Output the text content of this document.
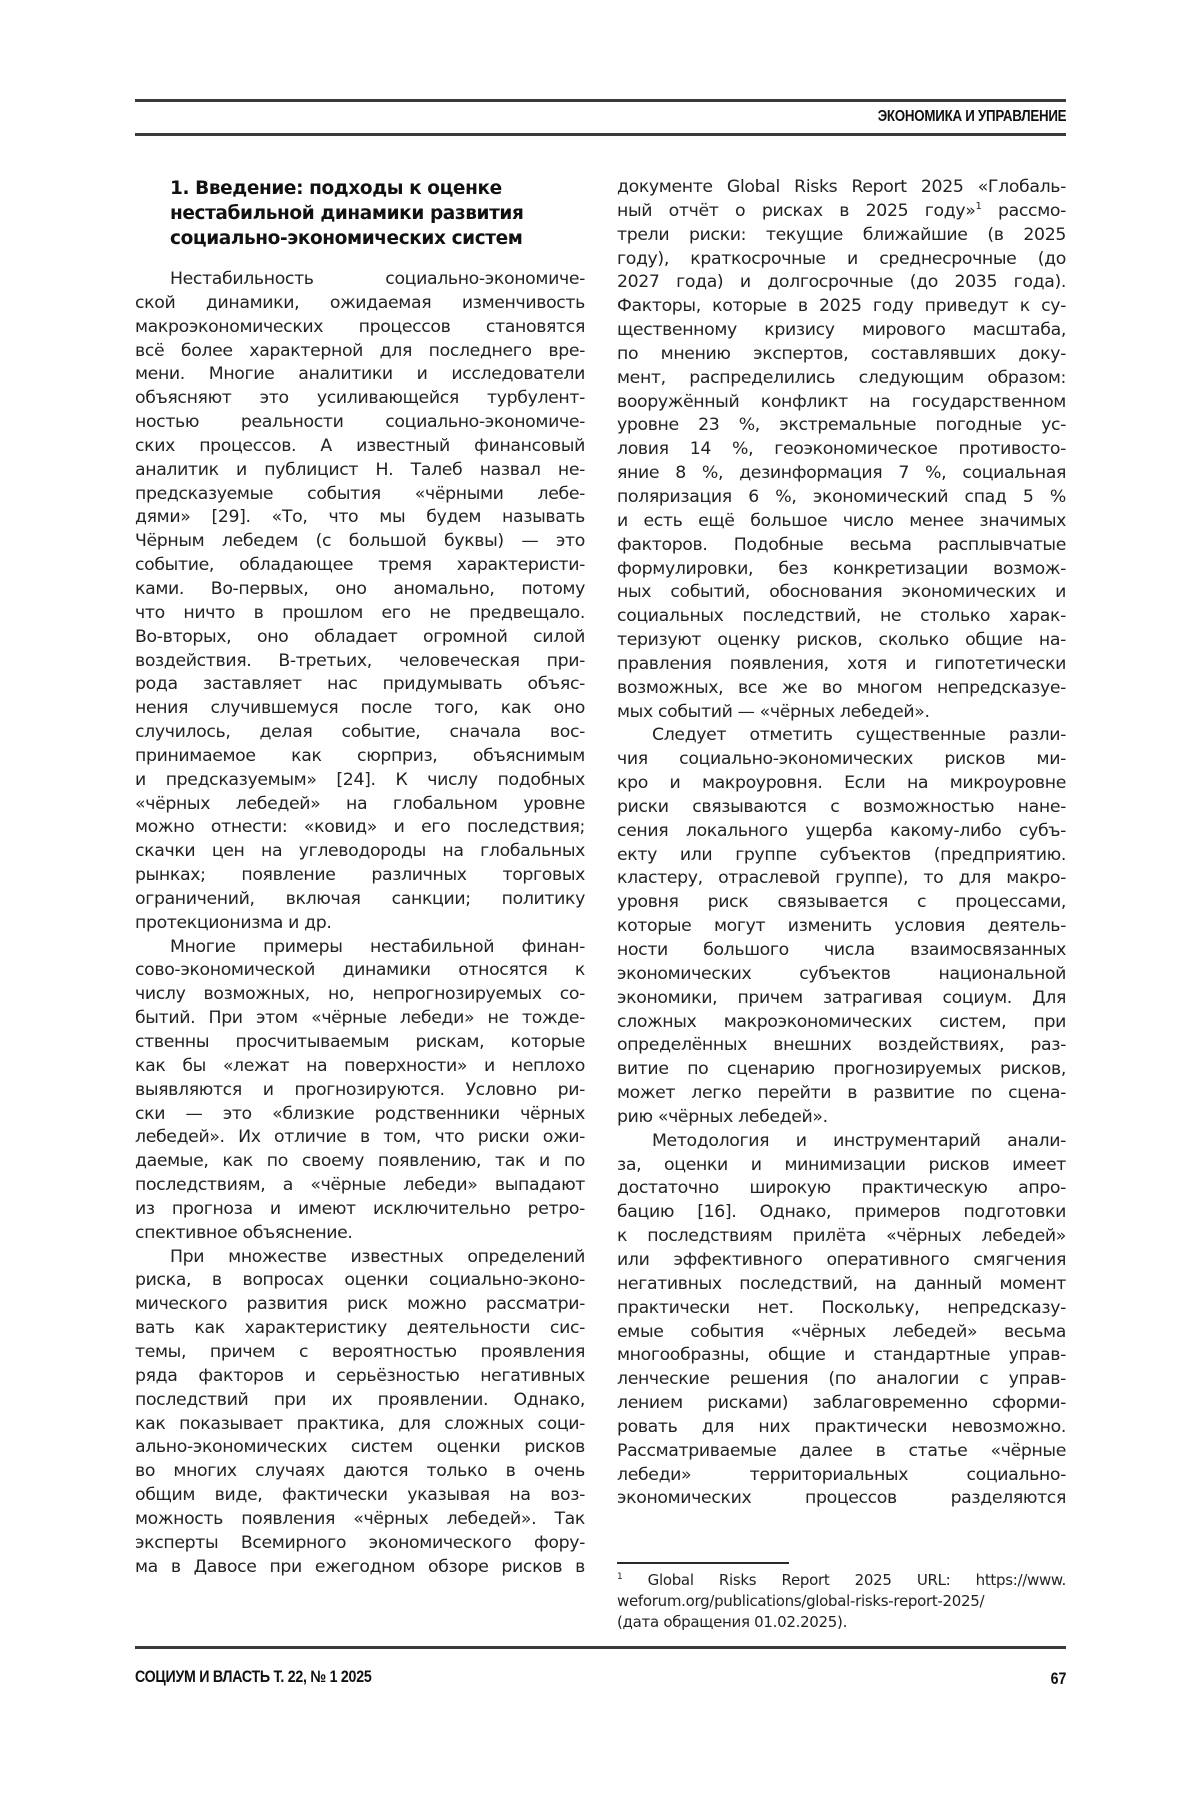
ЭКОНОМИКА И УПРАВЛЕНИЕ
1. Введение: подходы к оценке
нестабильной динамики развития
социально-экономических систем
Нестабильность социально-экономиче-
ской динамики, ожидаемая изменчивость
макроэкономических процессов становятся
всё более характерной для последнего вре-
мени. Многие аналитики и исследователи
объясняют это усиливающейся турбулент-
ностью реальности социально-экономиче-
ских процессов. А известный финансовый
аналитик и публицист Н. Талеб назвал не-
предсказуемые события «чёрными лебе-
дями» [29]. «То, что мы будем называть
Чёрным лебедем (с большой буквы) — это
событие, обладающее тремя характеристи-
ками. Во-первых, оно аномально, потому
что ничто в прошлом его не предвещало.
Во-вторых, оно обладает огромной силой
воздействия. В-третьих, человеческая при-
рода заставляет нас придумывать объяс-
нения случившемуся после того, как оно
случилось, делая событие, сначала вос-
принимаемое как сюрприз, объяснимым
и предсказуемым» [24]. К числу подобных
«чёрных лебедей» на глобальном уровне
можно отнести: «ковид» и его последствия;
скачки цен на углеводороды на глобальных
рынках; появление различных торговых
ограничений, включая санкции; политику
протекционизма и др.
Многие примеры нестабильной финан-
сово-экономической динамики относятся к
числу возможных, но, непрогнозируемых со-
бытий. При этом «чёрные лебеди» не тожде-
ственны просчитываемым рискам, которые
как бы «лежат на поверхности» и неплохо
выявляются и прогнозируются. Условно ри-
ски — это «близкие родственники чёрных
лебедей». Их отличие в том, что риски ожи-
даемые, как по своему появлению, так и по
последствиям, а «чёрные лебеди» выпадают
из прогноза и имеют исключительно ретро-
спективное объяснение.
При множестве известных определений
риска, в вопросах оценки социально-эконо-
мического развития риск можно рассматри-
вать как характеристику деятельности сис-
темы, причем с вероятностью проявления
ряда факторов и серьёзностью негативных
последствий при их проявлении. Однако,
как показывает практика, для сложных соци-
ально-экономических систем оценки рисков
во многих случаях даются только в очень
общим виде, фактически указывая на воз-
можность появления «чёрных лебедей». Так
эксперты Всемирного экономического фору-
ма в Давосе при ежегодном обзоре рисков в
документе Global Risks Report 2025 «Глобаль-
ный отчёт о рисках в 2025 году»$^1$ рассмо-
трели риски: текущие ближайшие (в 2025
году), краткосрочные и среднесрочные (до
2027 года) и долгосрочные (до 2035 года).
Факторы, которые в 2025 году приведут к су-
щественному кризису мирового масштаба,
по мнению экспертов, составлявших доку-
мент, распределились следующим образом:
вооружённый конфликт на государственном
уровне 23 %, экстремальные погодные ус-
ловия 14 %, геоэкономическое противосто-
яние 8 %, дезинформация 7 %, социальная
поляризация 6 %, экономический спад 5 %
и есть ещё большое число менее значимых
факторов. Подобные весьма расплывчатые
формулировки, без конкретизации возмож-
ных событий, обоснования экономических и
социальных последствий, не столько харак-
теризуют оценку рисков, сколько общие на-
правления появления, хотя и гипотетически
возможных, все же во многом непредсказуе-
мых событий — «чёрных лебедей».
Следует отметить существенные разли-
чия социально-экономических рисков ми-
кро и макроуровня. Если на микроуровне
риски связываются с возможностью нане-
сения локального ущерба какому-либо субъ-
екту или группе субъектов (предприятию.
кластеру, отраслевой группе), то для макро-
уровня риск связывается с процессами,
которые могут изменить условия деятель-
ности большого числа взаимосвязанных
экономических субъектов национальной
экономики, причем затрагивая социум. Для
сложных макроэкономических систем, при
определённых внешних воздействиях, раз-
витие по сценарию прогнозируемых рисков,
может легко перейти в развитие по сцена-
рию «чёрных лебедей».
Методология и инструментарий анали-
за, оценки и минимизации рисков имеет
достаточно широкую практическую апро-
бацию [16]. Однако, примеров подготовки
к последствиям прилёта «чёрных лебедей»
или эффективного оперативного смягчения
негативных последствий, на данный момент
практически нет. Поскольку, непредсказу-
емые события «чёрных лебедей» весьма
многообразны, общие и стандартные управ-
ленческие решения (по аналогии с управ-
лением рисками) заблаговременно сформи-
ровать для них практически невозможно.
Рассматриваемые далее в статье «чёрные
лебеди» территориальных социально-
экономических процессов разделяются
$^1$ Global Risks Report 2025 URL: https://www.
weforum.org/publications/global-risks-report-2025/
(дата обращения 01.02.2025).
СОЦИУМ И ВЛАСТЬ Т. 22, № 1 2025	67
